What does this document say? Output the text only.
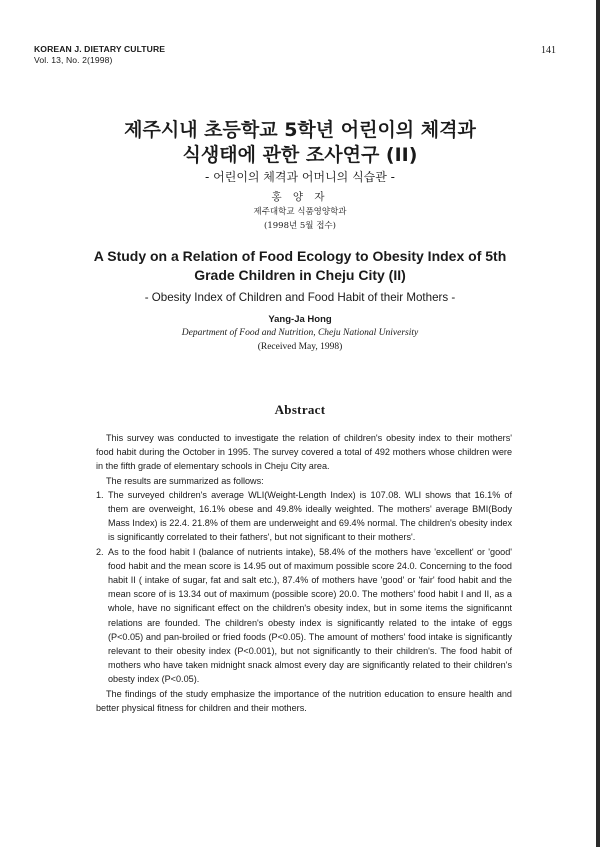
KOREAN J. DIETARY CULTURE
Vol. 13, No. 2(1998)
141
제주시내 초등학교 5학년 어린이의 체격과
식생태에 관한 조사연구 (II)
- 어린이의 체격과 어머니의 식습관 -
홍 양 자
제주대학교 식품영양학과
(1998년 5월 접수)
A Study on a Relation of Food Ecology to Obesity Index of 5th
Grade Children in Cheju City (II)
- Obesity Index of Children and Food Habit of their Mothers -
Yang-Ja Hong
Department of Food and Nutrition, Cheju National University
(Received May, 1998)
Abstract

This survey was conducted to investigate the relation of children's obesity index to their mothers' food habit during the October in 1995. The survey covered a total of 492 mothers whose children were in the fifth grade of elementary schools in Cheju City area.

The results are summarized as follows:

1. The surveyed children's average WLI(Weight-Length Index) is 107.08. WLI shows that 16.1% of them are overweight, 16.1% obese and 49.8% ideally weighted. The mothers' average BMI(Body Mass Index) is 22.4. 21.8% of them are underweight and 69.4% normal. The children's obesity index is significantly correlated to their fathers', but not significant to their mothers'.
2. As to the food habit I (balance of nutrients intake), 58.4% of the mothers have 'excellent' or 'good' food habit and the mean score is 14.95 out of maximum possible score 24.0. Concerning to the food habit II ( intake of sugar, fat and salt etc.), 87.4% of mothers have 'good' or 'fair' food habit and the mean score of is 13.34 out of maximum (possible score) 20.0. The mothers' food habit I and II, as a whole, have no significant effect on the children's obesity index, but in some items the significannt relations are founded. The children's obesty index is significantly related to the intake of eggs (P<0.05) and pan-broiled or fried foods (P<0.05). The amount of mothers' food intake is significantly relevant to their obesity index (P<0.001), but not significantly to their children's. The food habit of mothers who have taken midnight snack almost every day are significantly related to their children's obesty index (P<0.05).

The findings of the study emphasize the importance of the nutrition education to ensure health and better physical fitness for children and their mothers.
